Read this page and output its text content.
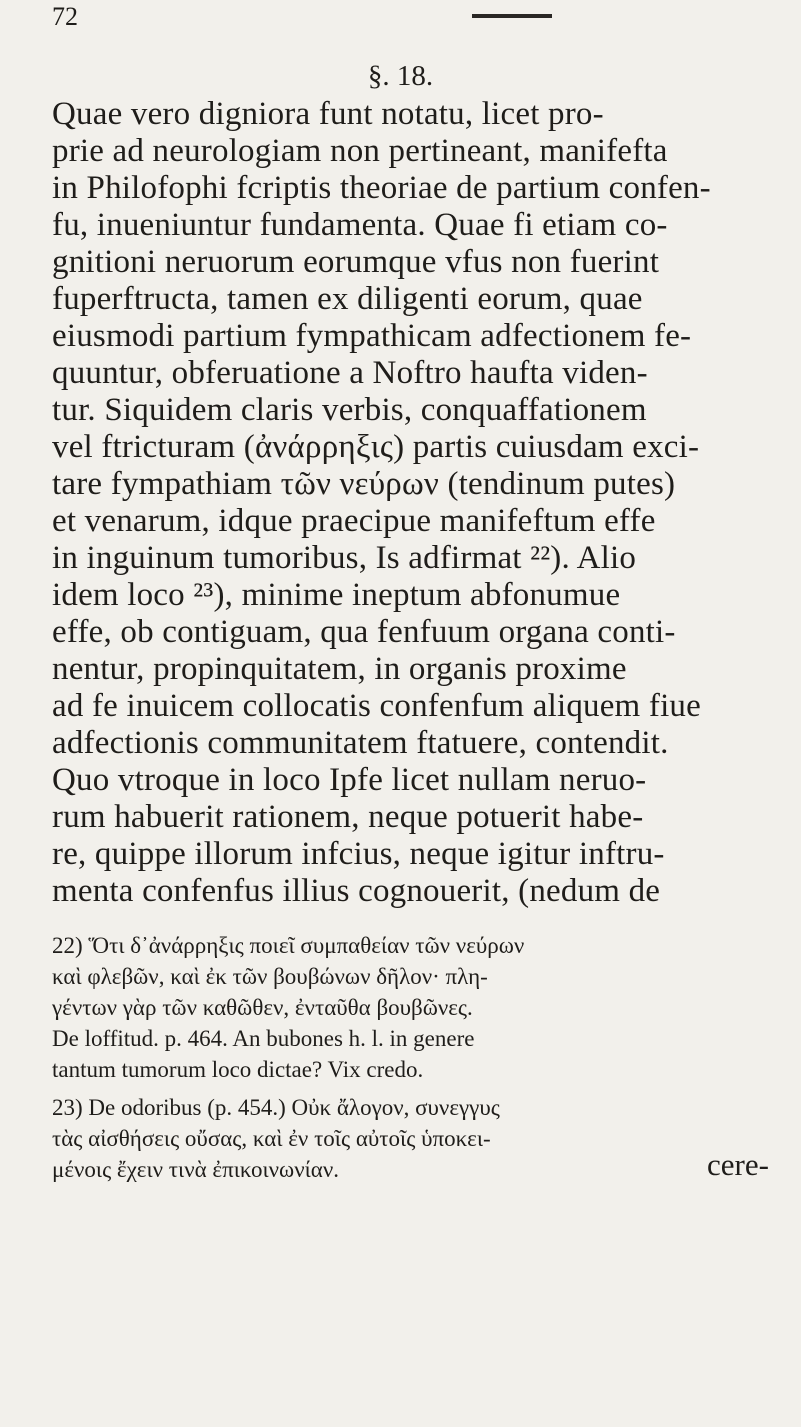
72
§. 18.
Quae vero digniora funt notatu, licet pro-
prie ad neurologiam non pertineant, manifefta
in Philofophi fcriptis theoriae de partium confen-
fu, inueniuntur fundamenta. Quae fi etiam co-
gnitioni neruorum eorumque vfus non fuerint
fuperftructa, tamen ex diligenti eorum, quae
eiusmodi partium fympathicam adfectionem fe-
quuntur, obferuatione a Noftro haufta viden-
tur. Siquidem claris verbis, conquaffationem
vel ftricturam (ἀνάρρηξις) partis cuiusdam exci-
tare fympathiam τῶν νεύρων (tendinum putes)
et venarum, idque praecipue manifeftum effe
in inguinum tumoribus, Is adfirmat ²²). Alio
idem loco ²³), minime ineptum abfonumue
effe, ob contiguam, qua fenfuum organa conti-
nentur, propinquitatem, in organis proxime
ad fe inuicem collocatis confenfum aliquem fiue
adfectionis communitatem ftatuere, contendit.
Quo vtroque in loco Ipfe licet nullam neruo-
rum habuerit rationem, neque potuerit habe-
re, quippe illorum infcius, neque igitur inftru-
menta confenfus illius cognouerit, (nedum de
cere-
22) Ὅτι δ᾽ἀνάρρηξις ποιεῖ συμπαθείαν τῶν νεύρων
καὶ φλεβῶν, καὶ ἐκ τῶν βουβώνων δῆλον· πλη-
γέντων γὰρ τῶν καθῶθεν, ἐνταῦθα βουβῶνες.
De loffitud. p. 464. An bubones h. l. in genere
tantum tumorum loco dictae? Vix credo.
23) De odoribus (p. 454.) Οὐκ ἄλογον, συνεγγυς
τὰς αἰσθήσεις οὔσας, καὶ ἐν τοῖς αὐτοῖς ὑποκει-
μένοις ἔχειν τινὰ ἐπικοινωνίαν.
